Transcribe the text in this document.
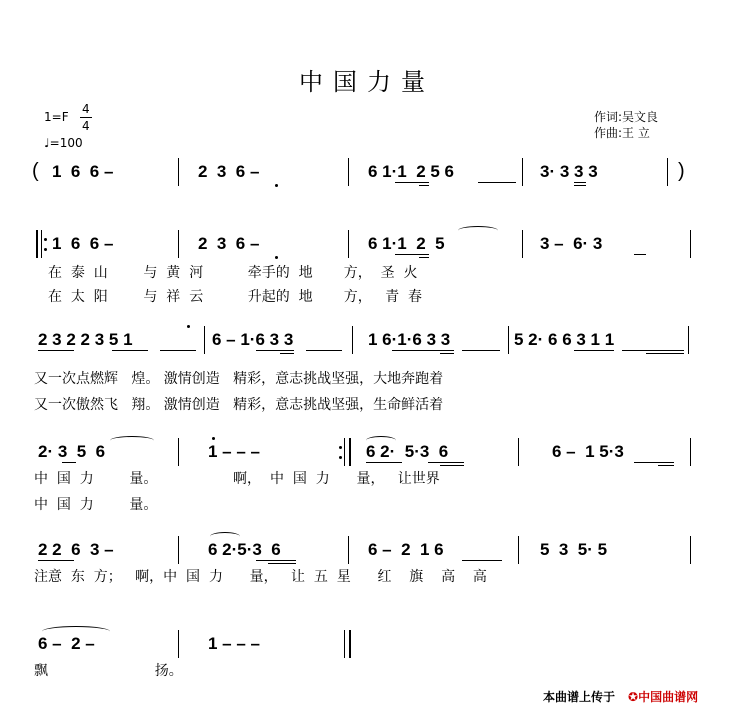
中国力量
1=F
4
4
♩=100
作词:吴文良
作曲:王 立
( 1  6  6 –	2  3  6 –	6 1·1  2 5 6	3· 3 3 3	)
1  6  6 –	2  3  6 –	6 1·1  2  5	3 –  6· 3
在  泰  山        与  黄  河          牵手的  地       方，  圣  火
在  太  阳        与  祥  云          升起的  地       方，   青  春
2 3 2 2 3 5 1	6 – 1·6 3 3	1 6·1·6 3 3	5 2· 6 6 3 1 1
又一次点燃辉   煌。 激情创造   精彩，意志挑战坚强，大地奔跑着
又一次傲然飞   翔。 激情创造   精彩，意志挑战坚强，生命鲜活着
2· 3  5  6	1 – – –	6 2·  5·3  6	6 –  1 5·3
中  国  力        量。                 啊，  中  国  力      量，   让世界
中  国  力        量。
2 2  6  3 –	6 2·5·3  6	6 –  2  1 6	5  3  5· 5
注意  东  方；   啊，中  国  力      量，   让  五  星      红    旗    高    高
6 –  2 –	1 – – –
飘                        扬。
本曲谱上传于 ✪中国曲谱网
